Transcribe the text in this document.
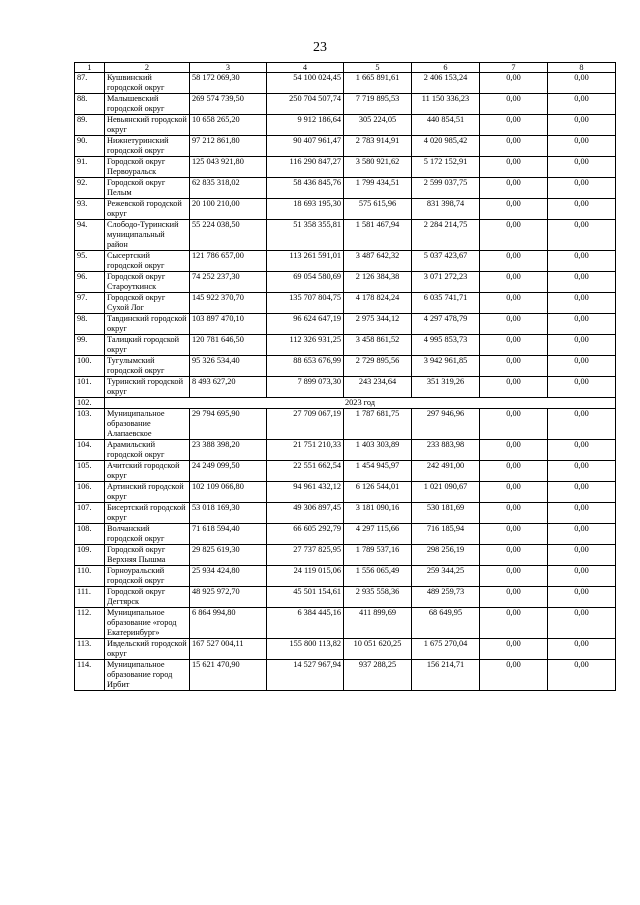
23
1	2	3	4	5	6	7	8
87.	Кушвинский городской округ	58 172 069,30	54 100 024,45	1 665 891,61	2 406 153,24	0,00	0,00
88.	Малышевский городской округ	269 574 739,50	250 704 507,74	7 719 895,53	11 150 336,23	0,00	0,00
89.	Невьянский городской округ	10 658 265,20	9 912 186,64	305 224,05	440 854,51	0,00	0,00
90.	Нижнетуринский городской округ	97 212 861,80	90 407 961,47	2 783 914,91	4 020 985,42	0,00	0,00
91.	Городской округ Первоуральск	125 043 921,80	116 290 847,27	3 580 921,62	5 172 152,91	0,00	0,00
92.	Городской округ Пелым	62 835 318,02	58 436 845,76	1 799 434,51	2 599 037,75	0,00	0,00
93.	Режевской городской округ	20 100 210,00	18 693 195,30	575 615,96	831 398,74	0,00	0,00
94.	Слободо-Туринский муниципальный район	55 224 038,50	51 358 355,81	1 581 467,94	2 284 214,75	0,00	0,00
95.	Сысертский городской округ	121 786 657,00	113 261 591,01	3 487 642,32	5 037 423,67	0,00	0,00
96.	Городской округ Староуткинск	74 252 237,30	69 054 580,69	2 126 384,38	3 071 272,23	0,00	0,00
97.	Городской округ Сухой Лог	145 922 370,70	135 707 804,75	4 178 824,24	6 035 741,71	0,00	0,00
98.	Тавдинский городской округ	103 897 470,10	96 624 647,19	2 975 344,12	4 297 478,79	0,00	0,00
99.	Талицкий городской округ	120 781 646,50	112 326 931,25	3 458 861,52	4 995 853,73	0,00	0,00
100.	Тугулымский городской округ	95 326 534,40	88 653 676,99	2 729 895,56	3 942 961,85	0,00	0,00
101.	Туринский городской округ	8 493 627,20	7 899 073,30	243 234,64	351 319,26	0,00	0,00
102.	2023 год						
103.	Муниципальное образование Алапаевское	29 794 695,90	27 709 067,19	1 787 681,75	297 946,96	0,00	0,00
104.	Арамильский городской округ	23 388 398,20	21 751 210,33	1 403 303,89	233 883,98	0,00	0,00
105.	Ачитский городской округ	24 249 099,50	22 551 662,54	1 454 945,97	242 491,00	0,00	0,00
106.	Артинский городской округ	102 109 066,80	94 961 432,12	6 126 544,01	1 021 090,67	0,00	0,00
107.	Бисертский городской округ	53 018 169,30	49 306 897,45	3 181 090,16	530 181,69	0,00	0,00
108.	Волчанский городской округ	71 618 594,40	66 605 292,79	4 297 115,66	716 185,94	0,00	0,00
109.	Городской округ Верхняя Пышма	29 825 619,30	27 737 825,95	1 789 537,16	298 256,19	0,00	0,00
110.	Горноуральский городской округ	25 934 424,80	24 119 015,06	1 556 065,49	259 344,25	0,00	0,00
111.	Городской округ Дегтярск	48 925 972,70	45 501 154,61	2 935 558,36	489 259,73	0,00	0,00
112.	Муниципальное образование «город Екатеринбург»	6 864 994,80	6 384 445,16	411 899,69	68 649,95	0,00	0,00
113.	Ивдельский городской округ	167 527 004,11	155 800 113,82	10 051 620,25	1 675 270,04	0,00	0,00
114.	Муниципальное образование город Ирбит	15 621 470,90	14 527 967,94	937 288,25	156 214,71	0,00	0,00
